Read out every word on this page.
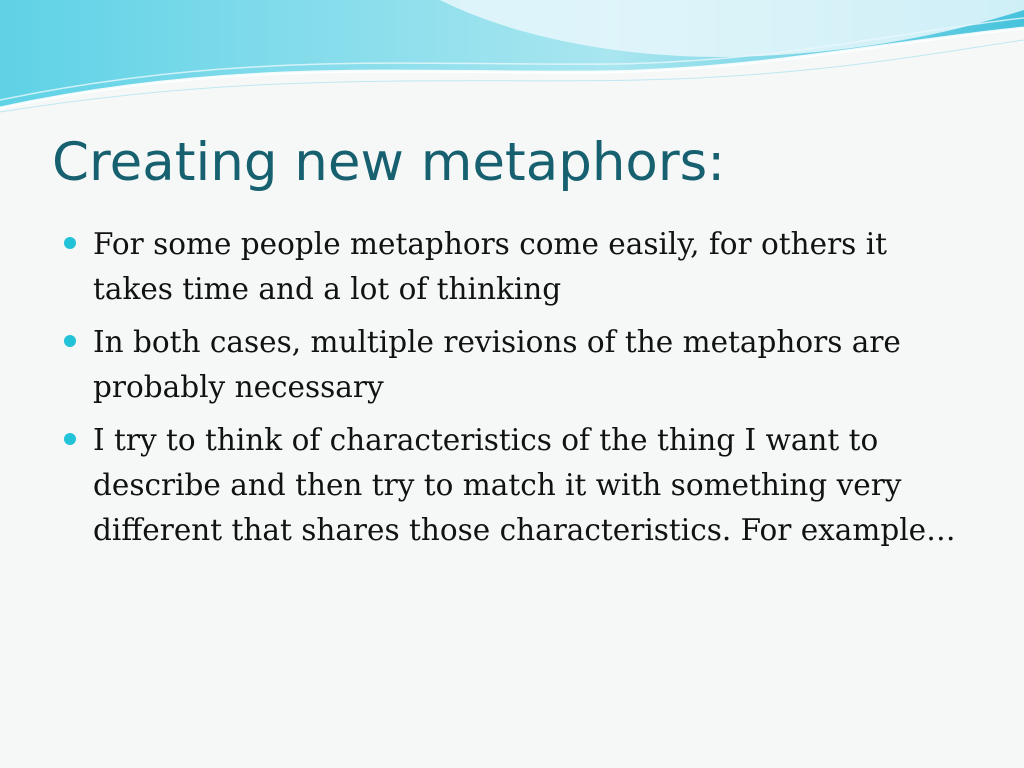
Creating new metaphors:
For some people metaphors come easily, for others it takes time and a lot of thinking
In both cases, multiple revisions of the metaphors are probably necessary
I try to think of characteristics of the thing I want to describe and then try to match it with something very different that shares those characteristics. For example…
